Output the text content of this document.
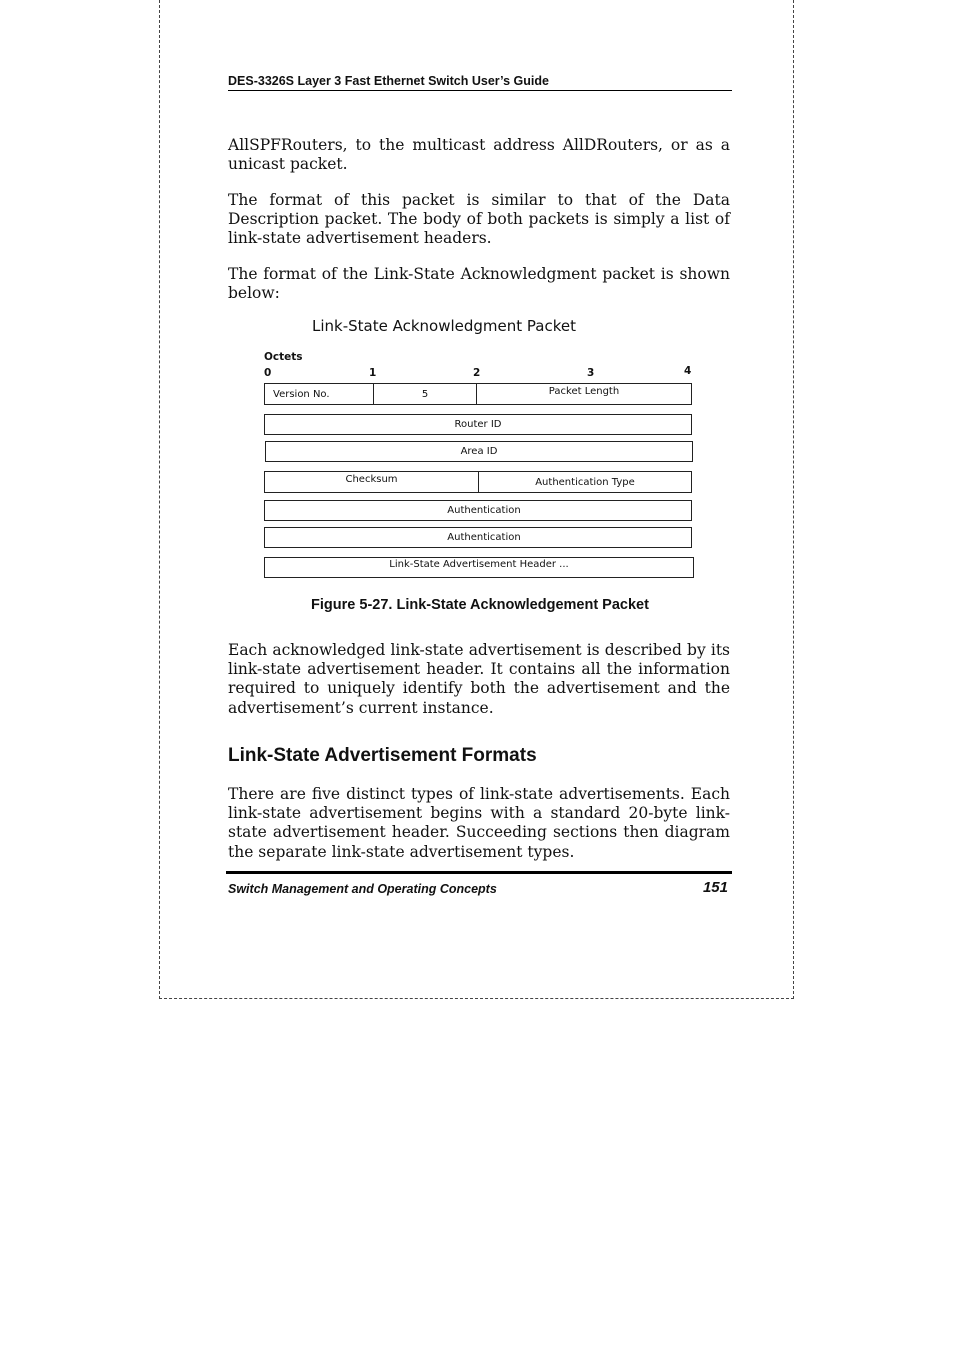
DES-3326S Layer 3 Fast Ethernet Switch User’s Guide

AllSPFRouters, to the multicast address AllDRouters, or as a unicast packet.

The format of this packet is similar to that of the Data Description packet. The body of both packets is simply a list of link-state advertisement headers.

The format of the Link-State Acknowledgment packet is shown below:

Link-State Acknowledgment Packet
Octets
0	1	2	3	4
Version No.	5	Packet Length
Router ID
Area ID
Checksum	Authentication Type
Authentication
Authentication
Link-State Advertisement Header ...
Figure 5-27. Link-State Acknowledgement Packet

Each acknowledged link-state advertisement is described by its link-state advertisement header. It contains all the information required to uniquely identify both the advertisement and the advertisement’s current instance.

Link-State Advertisement Formats

There are five distinct types of link-state advertisements. Each link-state advertisement begins with a standard 20-byte link-state advertisement header. Succeeding sections then diagram the separate link-state advertisement types.

Switch Management and Operating Concepts	151
